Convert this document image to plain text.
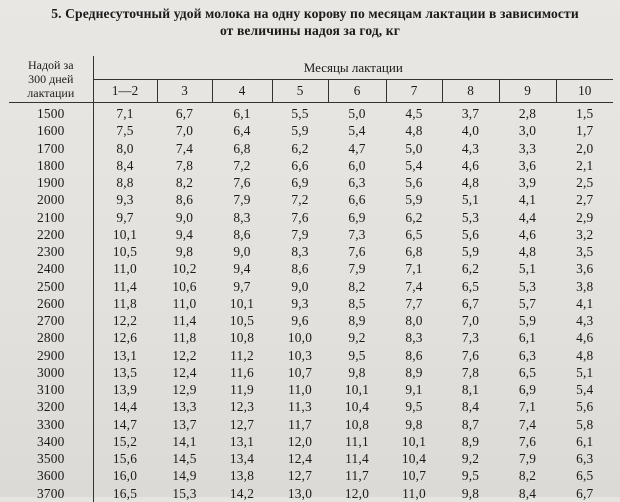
5. Среднесуточный удой молока на одну корову по месяцам лактации в зависимости
от величины надоя за год, кг
Надой за
300 дней
лактации	Месяцы лактации								
	1—2	3	4	5	6	7	8	9	10
1500	7,1	6,7	6,1	5,5	5,0	4,5	3,7	2,8	1,5
1600	7,5	7,0	6,4	5,9	5,4	4,8	4,0	3,0	1,7
1700	8,0	7,4	6,8	6,2	4,7	5,0	4,3	3,3	2,0
1800	8,4	7,8	7,2	6,6	6,0	5,4	4,6	3,6	2,1
1900	8,8	8,2	7,6	6,9	6,3	5,6	4,8	3,9	2,5
2000	9,3	8,6	7,9	7,2	6,6	5,9	5,1	4,1	2,7
2100	9,7	9,0	8,3	7,6	6,9	6,2	5,3	4,4	2,9
2200	10,1	9,4	8,6	7,9	7,3	6,5	5,6	4,6	3,2
2300	10,5	9,8	9,0	8,3	7,6	6,8	5,9	4,8	3,5
2400	11,0	10,2	9,4	8,6	7,9	7,1	6,2	5,1	3,6
2500	11,4	10,6	9,7	9,0	8,2	7,4	6,5	5,3	3,8
2600	11,8	11,0	10,1	9,3	8,5	7,7	6,7	5,7	4,1
2700	12,2	11,4	10,5	9,6	8,9	8,0	7,0	5,9	4,3
2800	12,6	11,8	10,8	10,0	9,2	8,3	7,3	6,1	4,6
2900	13,1	12,2	11,2	10,3	9,5	8,6	7,6	6,3	4,8
3000	13,5	12,4	11,6	10,7	9,8	8,9	7,8	6,5	5,1
3100	13,9	12,9	11,9	11,0	10,1	9,1	8,1	6,9	5,4
3200	14,4	13,3	12,3	11,3	10,4	9,5	8,4	7,1	5,6
3300	14,7	13,7	12,7	11,7	10,8	9,8	8,7	7,4	5,8
3400	15,2	14,1	13,1	12,0	11,1	10,1	8,9	7,6	6,1
3500	15,6	14,5	13,4	12,4	11,4	10,4	9,2	7,9	6,3
3600	16,0	14,9	13,8	12,7	11,7	10,7	9,5	8,2	6,5
3700	16,5	15,3	14,2	13,0	12,0	11,0	9,8	8,4	6,7
